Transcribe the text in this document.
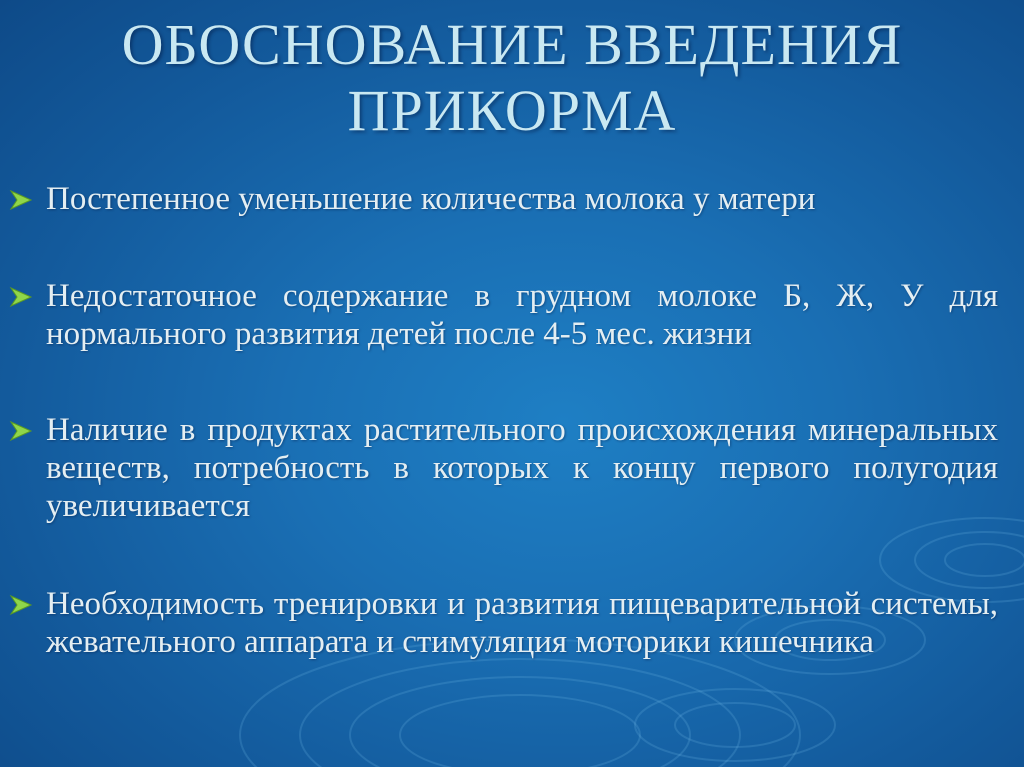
ОБОСНОВАНИЕ ВВЕДЕНИЯ
ПРИКОРМА
Постепенное уменьшение количества молока у матери
Недостаточное содержание в грудном молоке Б, Ж, У для нормального развития детей после 4-5 мес. жизни
Наличие в продуктах растительного происхождения минеральных веществ, потребность в которых к концу первого полугодия увеличивается
Необходимость тренировки и развития пищеварительной системы, жевательного аппарата и стимуляция моторики кишечника
